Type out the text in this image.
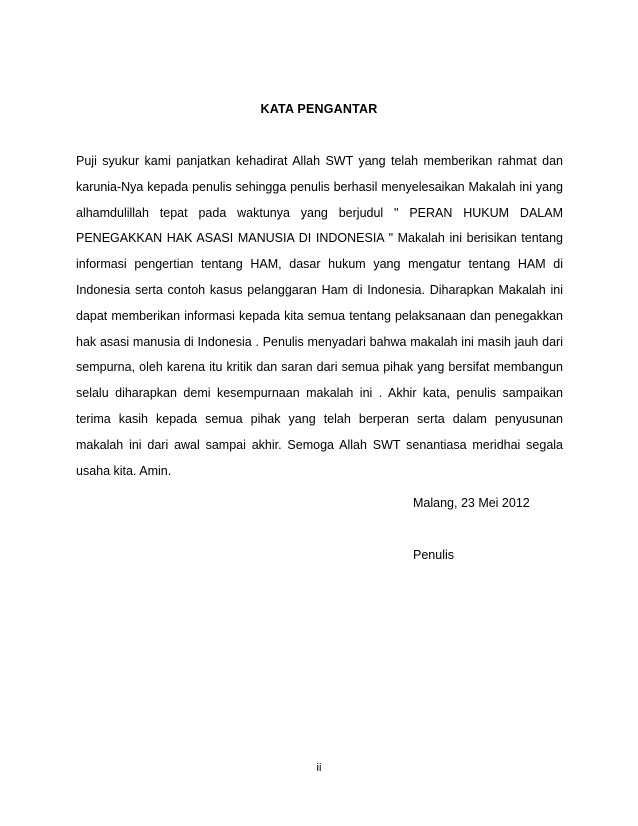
KATA PENGANTAR
Puji syukur kami panjatkan kehadirat Allah SWT yang telah memberikan rahmat dan
karunia-Nya kepada penulis sehingga penulis berhasil menyelesaikan Makalah ini yang
alhamdulillah tepat pada waktunya yang berjudul " PERAN HUKUM DALAM
PENEGAKKAN HAK ASASI MANUSIA DI INDONESIA " Makalah ini berisikan tentang
informasi pengertian tentang HAM, dasar hukum yang mengatur tentang HAM di
Indonesia serta contoh kasus pelanggaran Ham di Indonesia. Diharapkan Makalah ini
dapat memberikan informasi kepada kita semua tentang pelaksanaan dan penegakkan
hak asasi manusia di Indonesia . Penulis menyadari bahwa makalah ini masih jauh dari
sempurna, oleh karena itu kritik dan saran dari semua pihak yang bersifat membangun
selalu diharapkan demi kesempurnaan makalah ini . Akhir kata, penulis sampaikan
terima kasih kepada semua pihak yang telah berperan serta dalam penyusunan
makalah ini dari awal sampai akhir. Semoga Allah SWT senantiasa meridhai segala
usaha kita. Amin.
Malang, 23 Mei 2012
Penulis
ii
